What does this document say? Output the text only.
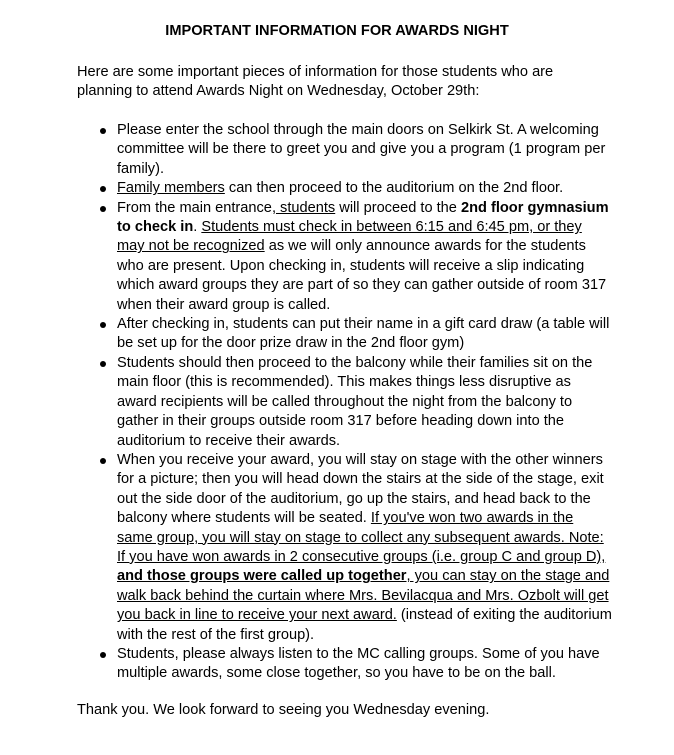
IMPORTANT INFORMATION FOR AWARDS NIGHT
Here are some important pieces of information for those students who are planning to attend Awards Night on Wednesday, October 29th:
Please enter the school through the main doors on Selkirk St. A welcoming committee will be there to greet you and give you a program (1 program per family).
Family members can then proceed to the auditorium on the 2nd floor.
From the main entrance, students will proceed to the 2nd floor gymnasium to check in. Students must check in between 6:15 and 6:45 pm, or they may not be recognized as we will only announce awards for the students who are present. Upon checking in, students will receive a slip indicating which award groups they are part of so they can gather outside of room 317 when their award group is called.
After checking in, students can put their name in a gift card draw (a table will be set up for the door prize draw in the 2nd floor gym)
Students should then proceed to the balcony while their families sit on the main floor (this is recommended). This makes things less disruptive as award recipients will be called throughout the night from the balcony to gather in their groups outside room 317 before heading down into the auditorium to receive their awards.
When you receive your award, you will stay on stage with the other winners for a picture; then you will head down the stairs at the side of the stage, exit out the side door of the auditorium, go up the stairs, and head back to the balcony where students will be seated. If you've won two awards in the same group, you will stay on stage to collect any subsequent awards. Note: If you have won awards in 2 consecutive groups (i.e. group C and group D), and those groups were called up together, you can stay on the stage and walk back behind the curtain where Mrs. Bevilacqua and Mrs. Ozbolt will get you back in line to receive your next award. (instead of exiting the auditorium with the rest of the first group).
Students, please always listen to the MC calling groups. Some of you have multiple awards, some close together, so you have to be on the ball.
Thank you. We look forward to seeing you Wednesday evening.
